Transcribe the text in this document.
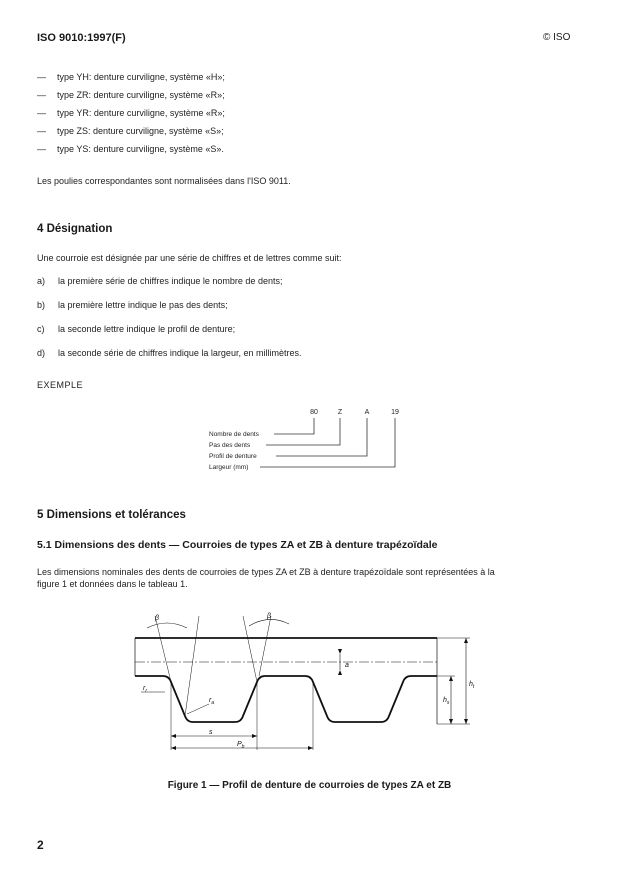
ISO 9010:1997(F)	© ISO
— type YH: denture curviligne, système «H»;
— type ZR: denture curviligne, système «R»;
— type YR: denture curviligne, système «R»;
— type ZS: denture curviligne, système «S»;
— type YS: denture curviligne, système «S».
Les poulies correspondantes sont normalisées dans l'ISO 9011.
4 Désignation
Une courroie est désignée par une série de chiffres et de lettres comme suit:
a) la première série de chiffres indique le nombre de dents;
b) la première lettre indique le pas des dents;
c) la seconde lettre indique le profil de denture;
d) la seconde série de chiffres indique la largeur, en millimètres.
EXEMPLE
80	Z	A	19
Nombre de dents
Pas des dents
Profil de denture
Largeur (mm)
5 Dimensions et tolérances
5.1 Dimensions des dents — Courroies de types ZA et ZB à denture trapézoïdale
Les dimensions nominales des dents de courroies de types ZA et ZB à denture trapézoïdale sont représentées à la
figure 1 et données dans le tableau 1.
β	β
a
$r_r$
$r_a$
s
$P_b$
$h_t$
$h_s$
Figure 1 — Profil de denture de courroies de types ZA et ZB
2
